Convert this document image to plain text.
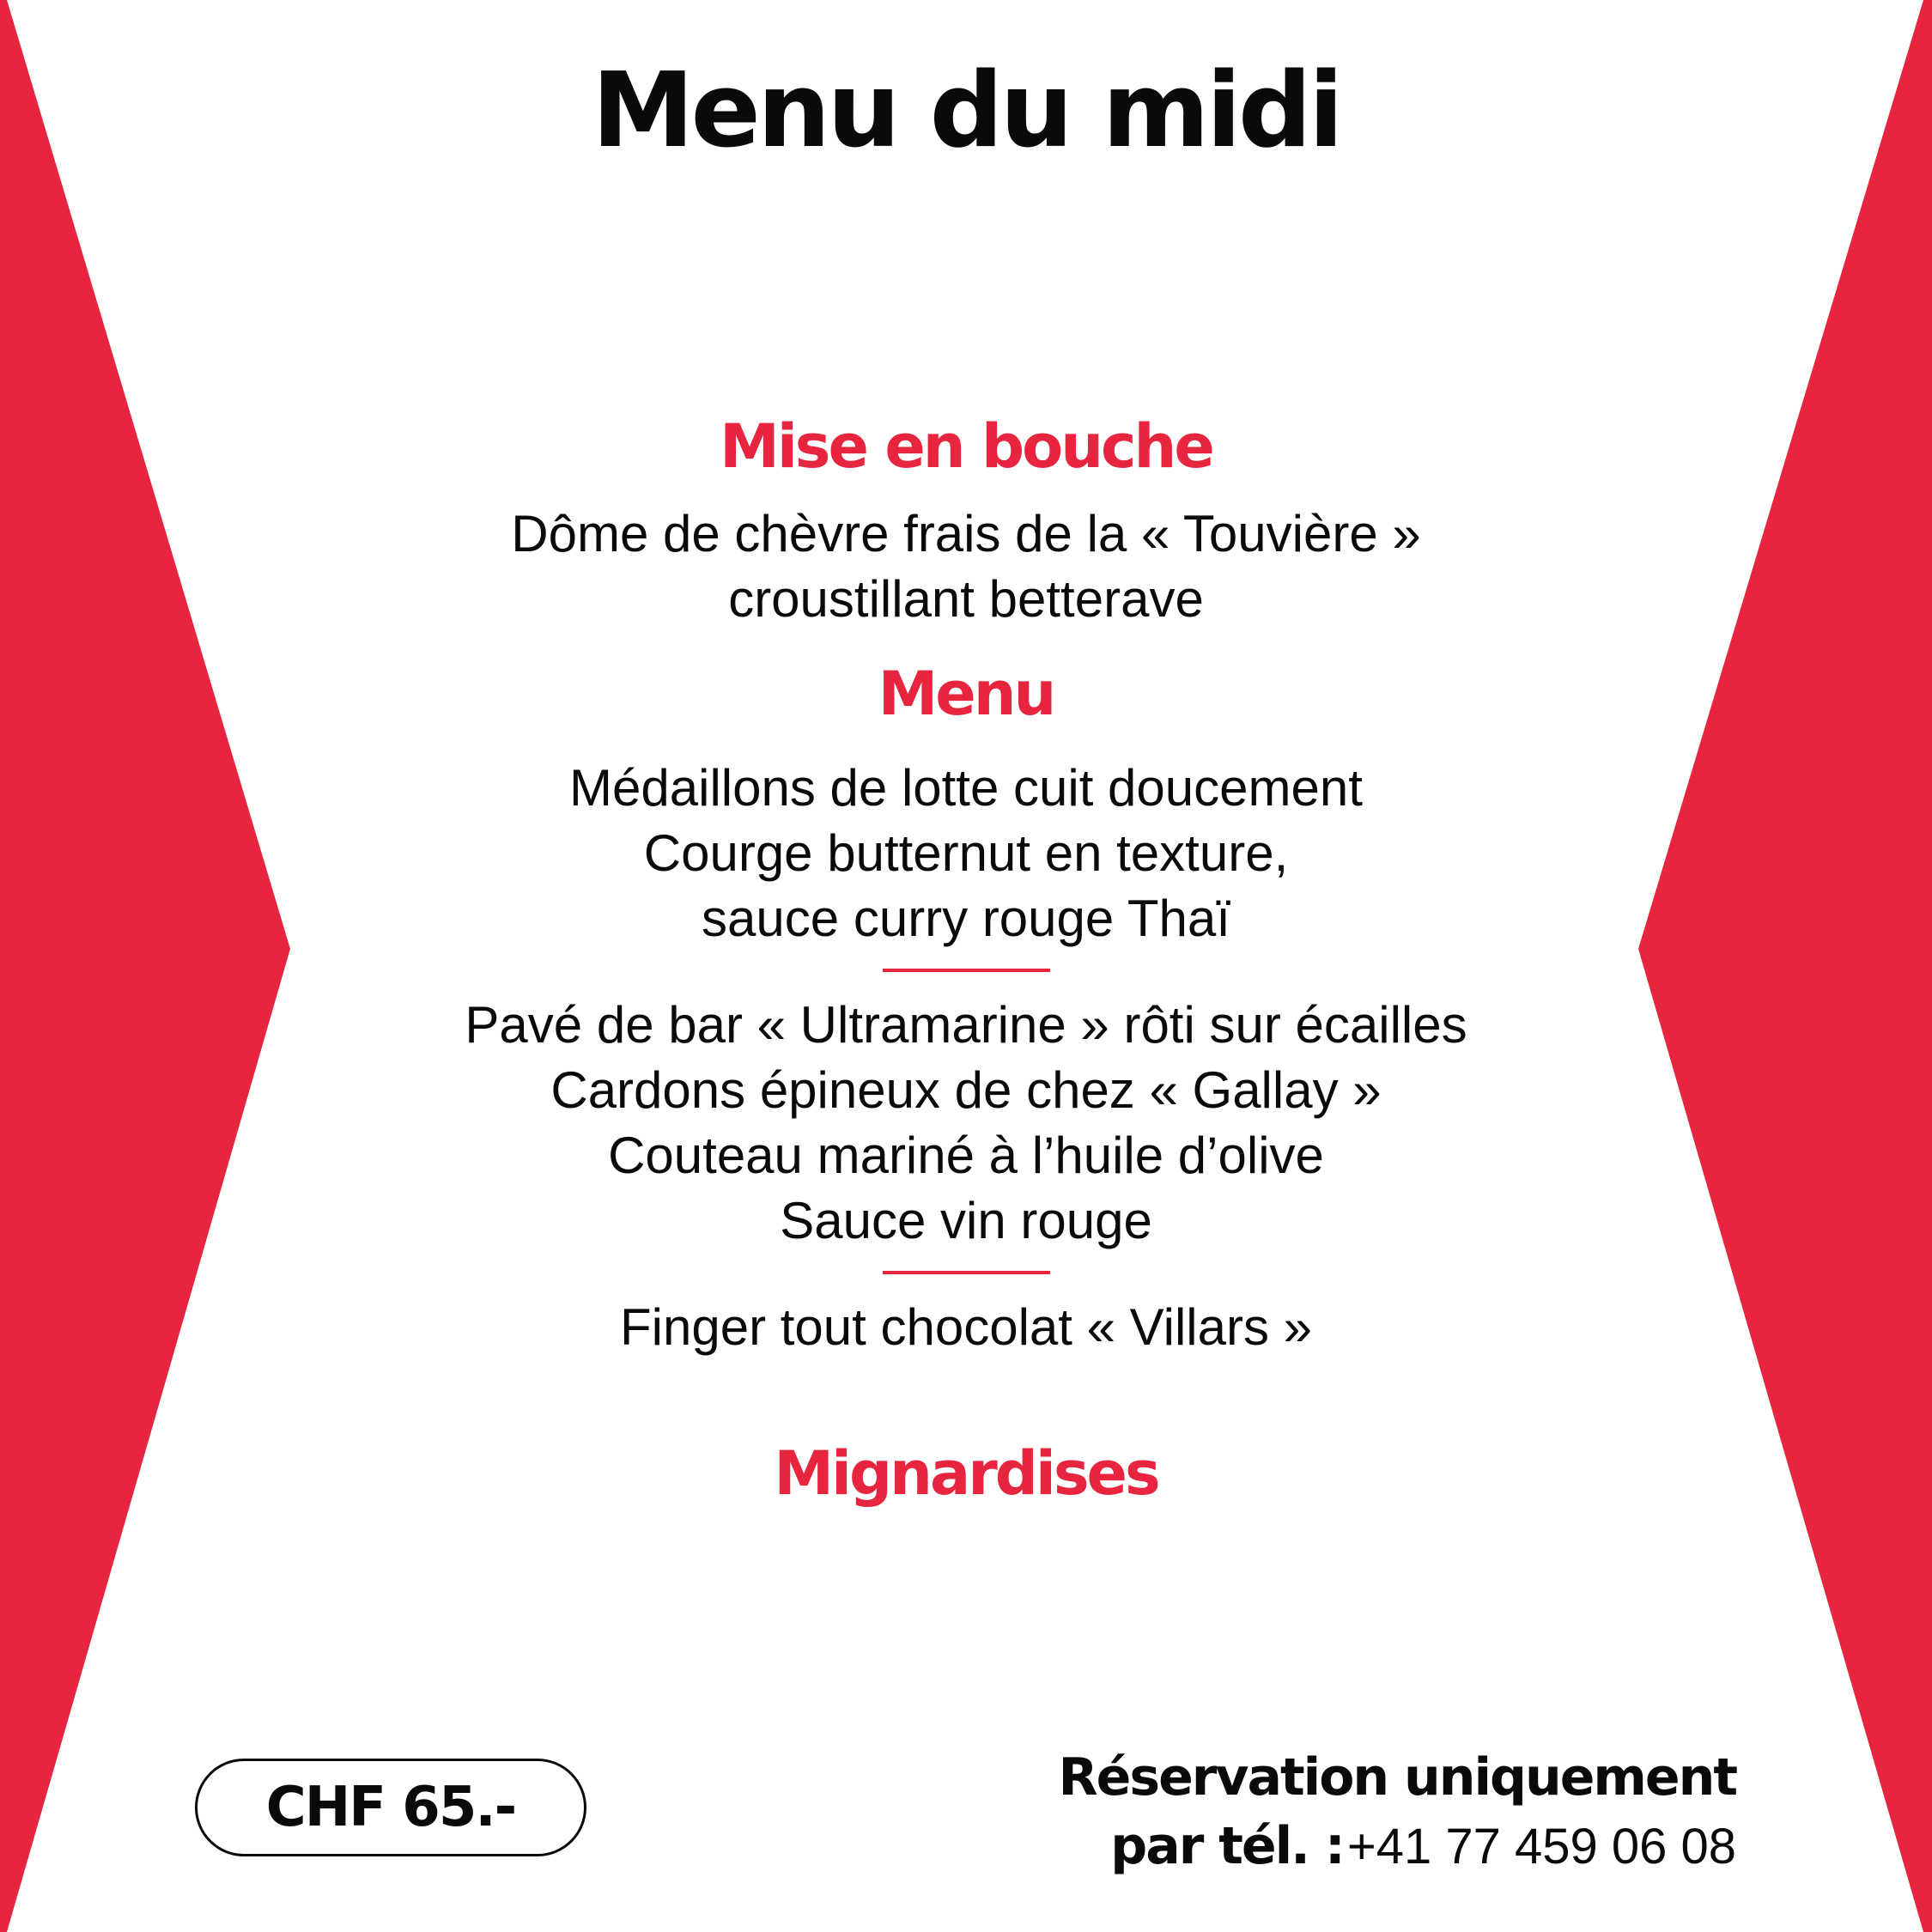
Menu du midi
Mise en bouche
Dôme de chèvre frais de la « Touvière »
croustillant betterave
Menu
Médaillons de lotte cuit doucement
Courge butternut en texture,
sauce curry rouge Thaï
Pavé de bar « Ultramarine » rôti sur écailles
Cardons épineux de chez « Gallay »
Couteau mariné à l’huile d’olive
Sauce vin rouge
Finger tout chocolat « Villars »
Mignardises
CHF 65.-	Réservation uniquement
par tél. : +41 77 459 06 08
